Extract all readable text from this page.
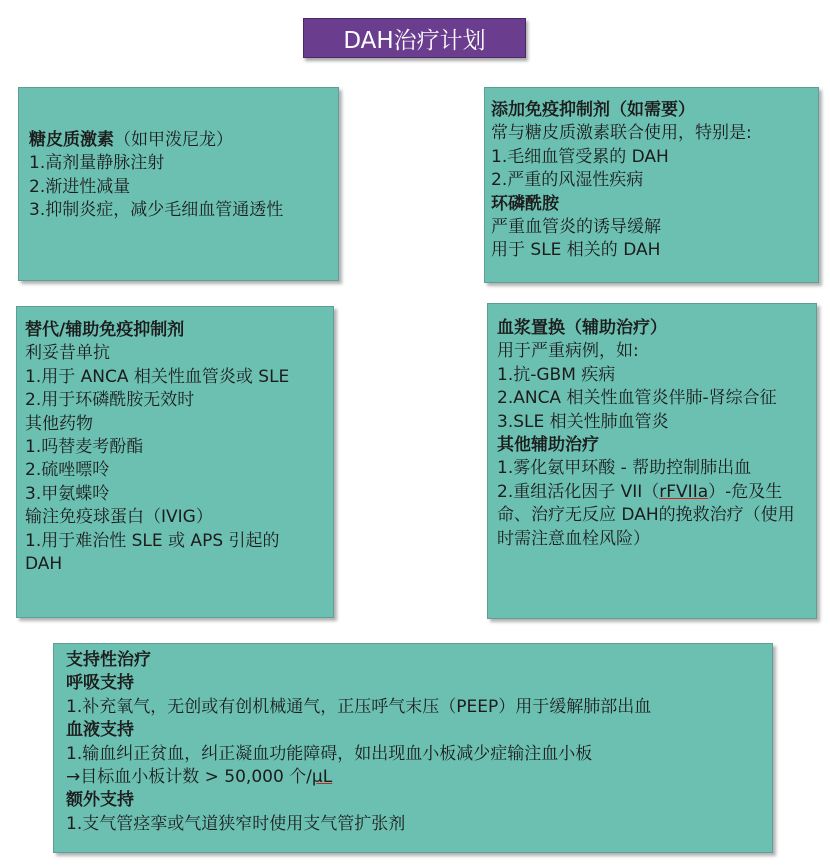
DAH治疗计划
糖皮质激素（如甲泼尼龙）
1.高剂量静脉注射
2.渐进性减量
3.抑制炎症，减少毛细血管通透性
添加免疫抑制剂（如需要）
常与糖皮质激素联合使用，特别是:
1.毛细血管受累的 DAH
2.严重的风湿性疾病
环磷酰胺
严重血管炎的诱导缓解
用于 SLE 相关的 DAH
替代/辅助免疫抑制剂
利妥昔单抗
1.用于 ANCA 相关性血管炎或 SLE
2.用于环磷酰胺无效时
其他药物
1.吗替麦考酚酯
2.硫唑嘌呤
3.甲氨蝶呤
输注免疫球蛋白（IVIG）
1.用于难治性 SLE 或 APS 引起的 DAH
血浆置换（辅助治疗）
用于严重病例，如:
1.抗-GBM 疾病
2.ANCA 相关性血管炎伴肺-肾综合征
3.SLE 相关性肺血管炎
其他辅助治疗
1.雾化氨甲环酸 - 帮助控制肺出血
2.重组活化因子 VII（rFVIIa）-危及生命、治疗无反应 DAH的挽救治疗（使用时需注意血栓风险）
支持性治疗
呼吸支持
1.补充氧气，无创或有创机械通气，正压呼气末压（PEEP）用于缓解肺部出血
血液支持
1.输血纠正贫血，纠正凝血功能障碍，如出现血小板减少症输注血小板
→目标血小板计数 > 50,000 个/μL
额外支持
1.支气管痉挛或气道狭窄时使用支气管扩张剂
